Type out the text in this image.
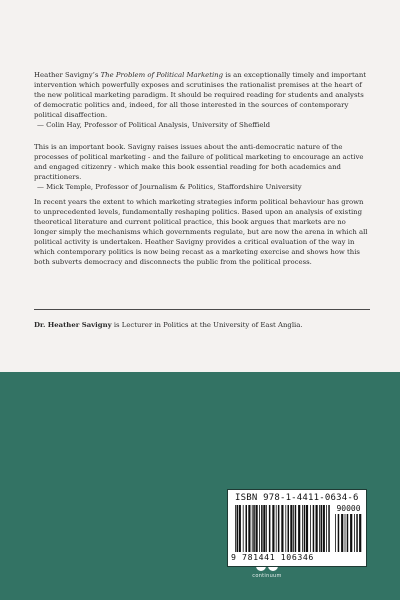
Heather Savigny’s The Problem of Political Marketing is an exceptionally timely and important intervention which powerfully exposes and scrutinises the rationalist premises at the heart of the new political marketing paradigm. It should be required reading for students and analysts of democratic politics and, indeed, for all those interested in the sources of contemporary political disaffection.

— Colin Hay, Professor of Political Analysis, University of Sheffield

This is an important book. Savigny raises issues about the anti-democratic nature of the processes of political marketing - and the failure of political marketing to encourage an active and engaged citizenry - which make this book essential reading for both academics and practitioners.

— Mick Temple, Professor of Journalism & Politics, Staffordshire University

In recent years the extent to which marketing strategies inform political behaviour has grown to unprecedented levels, fundamentally reshaping politics. Based upon an analysis of existing theoretical literature and current political practice, this book argues that markets are no longer simply the mechanisms which governments regulate, but are now the arena in which all political activity is undertaken. Heather Savigny provides a critical evaluation of the way in which contemporary politics is now being recast as a marketing exercise and shows how this both subverts democracy and disconnects the public from the political process.

Dr. Heather Savigny is Lecturer in Politics at the University of East Anglia.
continuum
ISBN 978-1-4411-0634-6
90000
9 781441 106346
